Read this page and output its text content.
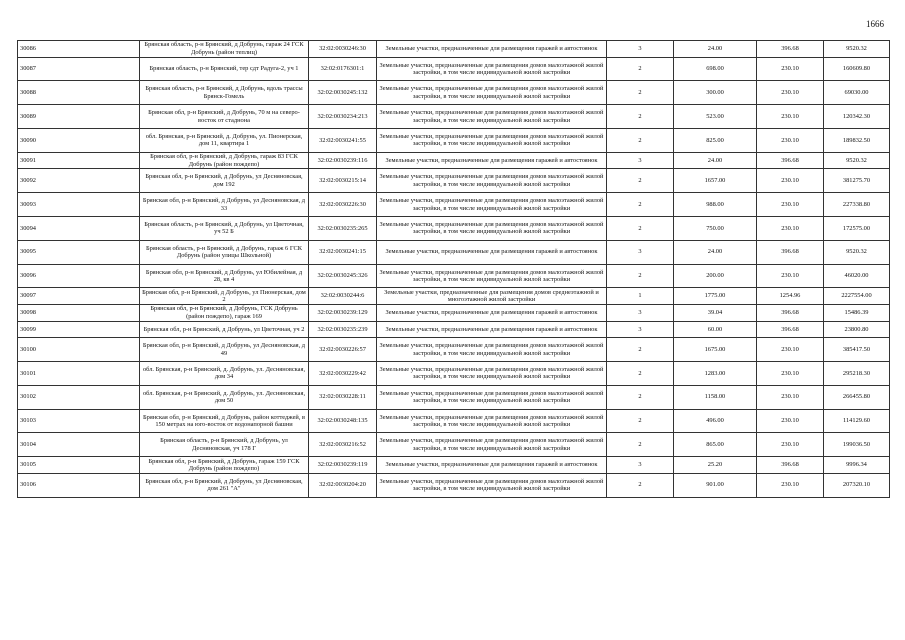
1666
30086	Брянская область, р-н Брянский, д Добрунь, гараж 24 ГСК Добрунь (район теплиц)	32:02:0030246:30	Земельные участки, предназначенные для размещения гаражей и автостоянок	3	24.00	396.68	9520.32
30087	Брянская область, р-н Брянский, тер сдт Радуга-2, уч 1	32:02:0176301:1	Земельные участки, предназначенные для размещения домов малоэтажной жилой застройки, в том числе индивидуальной жилой застройки	2	698.00	230.10	160609.80
30088	Брянская область, р-н Брянский, д Добрунь, вдоль трассы Брянск-Гомель	32:02:0030245:132	Земельные участки, предназначенные для размещения домов малоэтажной жилой застройки, в том числе индивидуальной жилой застройки	2	300.00	230.10	69030.00
30089	Брянская обл, р-н Брянский, д Добрунь, 70 м на северо-восток от стаднона	32:02:0030234:213	Земельные участки, предназначенные для размещения домов малоэтажной жилой застройки, в том числе индивидуальной жилой застройки	2	523.00	230.10	120342.30
30090	обл. Брянская, р-н Брянский, д. Добрунь, ул. Пионерская, дом 11, квартира 1	32:02:0030241:55	Земельные участки, предназначенные для размещения домов малоэтажной жилой застройки, в том числе индивидуальной жилой застройки	2	825.00	230.10	189832.50
30091	Брянская обл, р-н Брянский, д Добрунь, гараж 83 ГСК Добрунь (район пождепо)	32:02:0030239:116	Земельные участки, предназначенные для размещения гаражей и автостоянок	3	24.00	396.68	9520.32
30092	Брянская обл, р-н Брянский, д Добрунь, ул Десняновская, дом 192	32:02:0030215:14	Земельные участки, предназначенные для размещения домов малоэтажной жилой застройки, в том числе индивидуальной жилой застройки	2	1657.00	230.10	381275.70
30093	Брянская обл, р-н Брянский, д Добрунь, ул Десняновская, д 33	32:02:0030226:30	Земельные участки, предназначенные для размещения домов малоэтажной жилой застройки, в том числе индивидуальной жилой застройки	2	988.00	230.10	227338.80
30094	Брянская область, р-н Брянский, д Добрунь, ул Цветочная, уч 52 Б	32:02:0030235:265	Земельные участки, предназначенные для размещения домов малоэтажной жилой застройки, в том числе индивидуальной жилой застройки	2	750.00	230.10	172575.00
30095	Брянская область, р-н Брянский, д Добрунь, гараж 6 ГСК Добрунь (район улицы Школьной)	32:02:0030241:15	Земельные участки, предназначенные для размещения гаражей и автостоянок	3	24.00	396.68	9520.32
30096	Брянская обл, р-н Брянский, д Добрунь, ул Юбилейная, д 28, кв 4	32:02:0030245:326	Земельные участки, предназначенные для размещения домов малоэтажной жилой застройки, в том числе индивидуальной жилой застройки	2	200.00	230.10	46020.00
30097	Брянская обл, р-н Брянский, д Добрунь, ул Пионерская, дом 2	32:02:0030244:6	Земельные участки, предназначенные для размещения домов среднеэтажной и многоэтажной жилой застройки	1	1775.00	1254.96	2227554.00
30098	Брянская обл, р-н Брянский, д Добрунь, ГСК Добрунь (район пождепо), гараж 169	32:02:0030239:129	Земельные участки, предназначенные для размещения гаражей и автостоянок	3	39.04	396.68	15486.39
30099	Брянская обл, р-н Брянский, д Добрунь, ул Цветочная, уч 2	32:02:0030235:239	Земельные участки, предназначенные для размещения гаражей и автостоянок	3	60.00	396.68	23800.80
30100	Брянская обл, р-н Брянский, д Добрунь, ул Десняновская, д 49	32:02:0030226:57	Земельные участки, предназначенные для размещения домов малоэтажной жилой застройки, в том числе индивидуальной жилой застройки	2	1675.00	230.10	385417.50
30101	обл. Брянская, р-н Брянский, д. Добрунь, ул. Десняновская, дом 34	32:02:0030229:42	Земельные участки, предназначенные для размещения домов малоэтажной жилой застройки, в том числе индивидуальной жилой застройки	2	1283.00	230.10	295218.30
30102	обл. Брянская, р-н Брянский, д. Добрунь, ул. Десняновская, дом 50	32:02:0030228:11	Земельные участки, предназначенные для размещения домов малоэтажной жилой застройки, в том числе индивидуальной жилой застройки	2	1158.00	230.10	266455.80
30103	Брянская обл, р-н Брянский, д Добрунь, район коттеджей, в 150 метрах на юго-восток от водонапорной башни	32:02:0030248:135	Земельные участки, предназначенные для размещения домов малоэтажной жилой застройки, в том числе индивидуальной жилой застройки	2	496.00	230.10	114129.60
30104	Брянская область, р-н Брянский, д Добрунь, ул Десняновская, уч 178 Г	32:02:0030216:52	Земельные участки, предназначенные для размещения домов малоэтажной жилой застройки, в том числе индивидуальной жилой застройки	2	865.00	230.10	199036.50
30105	Брянская обл, р-н Брянский, д Добрунь, гараж 159 ГСК Добрунь (район пождепо)	32:02:0030239:119	Земельные участки, предназначенные для размещения гаражей и автостоянок	3	25.20	396.68	9996.34
30106	Брянская обл, р-н Брянский, д Добрунь, ул Десняновская, дом 261 "А"	32:02:0030204:20	Земельные участки, предназначенные для размещения домов малоэтажной жилой застройки, в том числе индивидуальной жилой застройки	2	901.00	230.10	207320.10
